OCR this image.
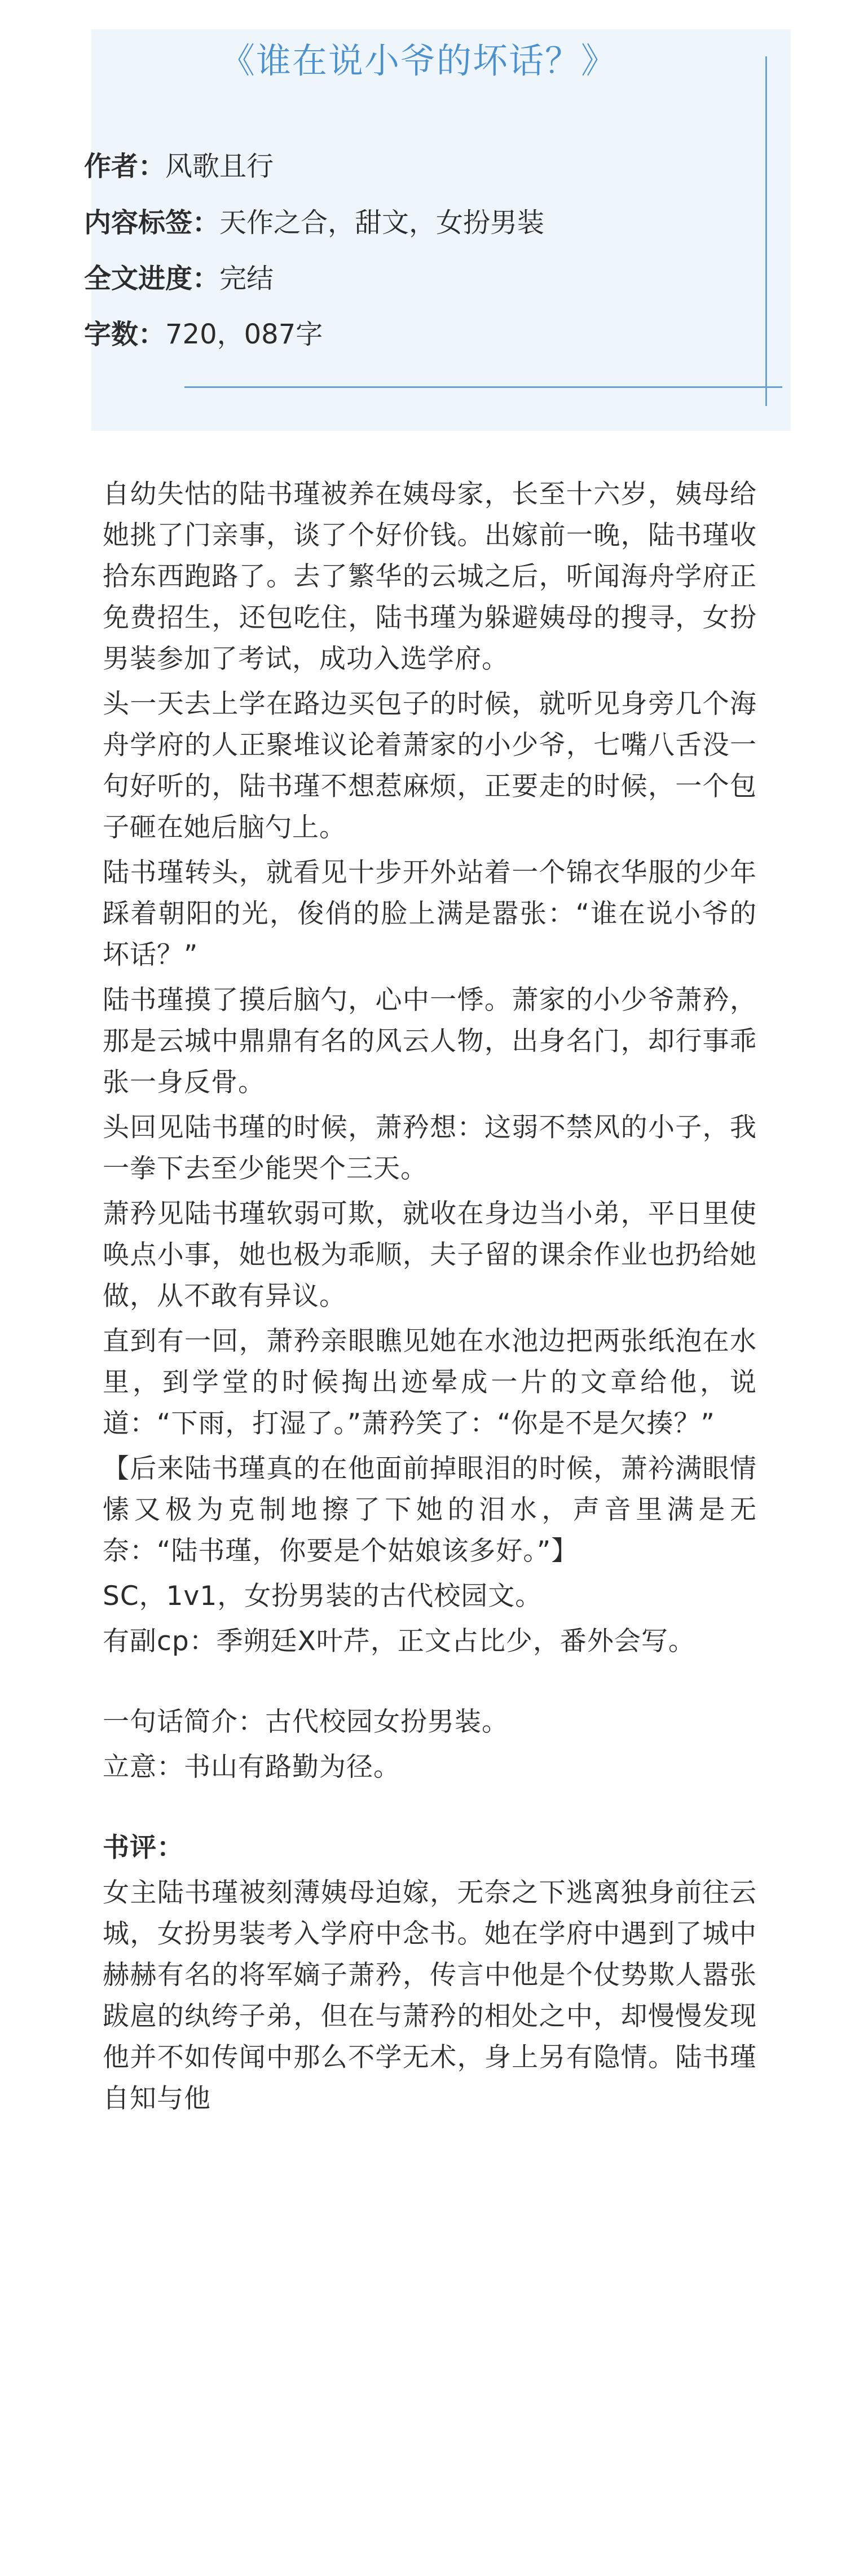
《谁在说小爷的坏话？》
作者：风歌且行
内容标签：天作之合，甜文，女扮男装
全文进度：完结
字数：720，087字

自幼失怙的陆书瑾被养在姨母家，长至十六岁，姨母给她挑了门亲事，谈了个好价钱。出嫁前一晚，陆书瑾收拾东西跑路了。去了繁华的云城之后，听闻海舟学府正免费招生，还包吃住，陆书瑾为躲避姨母的搜寻，女扮男装参加了考试，成功入选学府。

头一天去上学在路边买包子的时候，就听见身旁几个海舟学府的人正聚堆议论着萧家的小少爷，七嘴八舌没一句好听的，陆书瑾不想惹麻烦，正要走的时候，一个包子砸在她后脑勺上。

陆书瑾转头，就看见十步开外站着一个锦衣华服的少年踩着朝阳的光，俊俏的脸上满是嚣张：“谁在说小爷的坏话？”

陆书瑾摸了摸后脑勺，心中一悸。萧家的小少爷萧矜，那是云城中鼎鼎有名的风云人物，出身名门，却行事乖张一身反骨。

头回见陆书瑾的时候，萧矜想：这弱不禁风的小子，我一拳下去至少能哭个三天。

萧矜见陆书瑾软弱可欺，就收在身边当小弟，平日里使唤点小事，她也极为乖顺，夫子留的课余作业也扔给她做，从不敢有异议。

直到有一回，萧矜亲眼瞧见她在水池边把两张纸泡在水里，到学堂的时候掏出迹晕成一片的文章给他，说道：“下雨，打湿了。”萧矜笑了：“你是不是欠揍？”

【后来陆书瑾真的在他面前掉眼泪的时候，萧衿满眼情愫又极为克制地擦了下她的泪水，声音里满是无奈：“陆书瑾，你要是个姑娘该多好。”】

SC，1v1，女扮男装的古代校园文。

有副cp：季朔廷X叶芹，正文占比少，番外会写。

一句话简介：古代校园女扮男装。

立意：书山有路勤为径。

书评：

女主陆书瑾被刻薄姨母迫嫁，无奈之下逃离独身前往云城，女扮男装考入学府中念书。她在学府中遇到了城中赫赫有名的将军嫡子萧矜，传言中他是个仗势欺人嚣张跋扈的纨绔子弟，但在与萧矜的相处之中，却慢慢发现他并不如传闻中那么不学无术，身上另有隐情。陆书瑾自知与他
